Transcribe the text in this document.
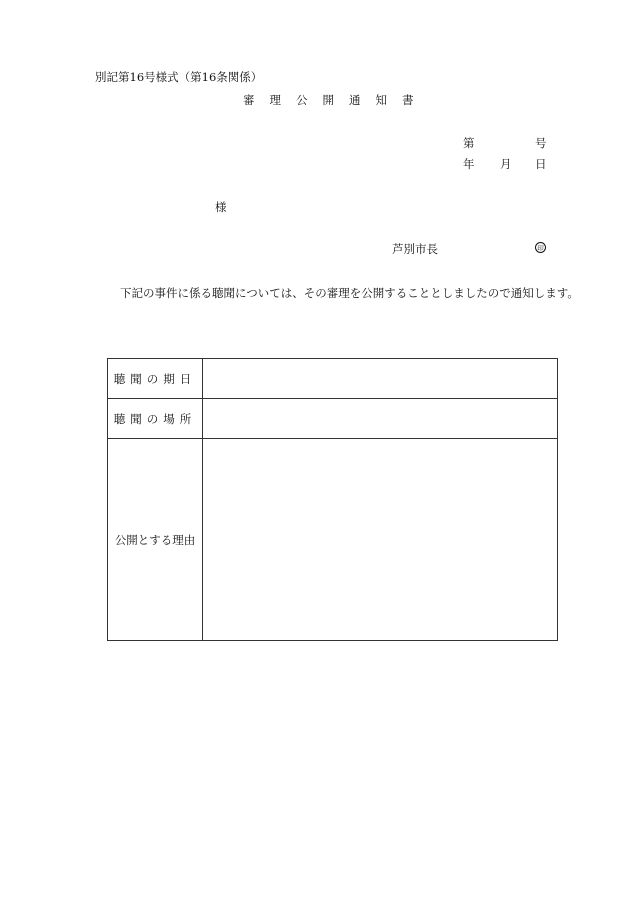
別記第16号様式（第16条関係）
審理公開通知書
第	号
年 月 日
様
芦別市長	印
下記の事件に係る聴聞については、その審理を公開することとしましたので通知します。
聴聞の期日	
聴聞の場所	
公開とする理由	
